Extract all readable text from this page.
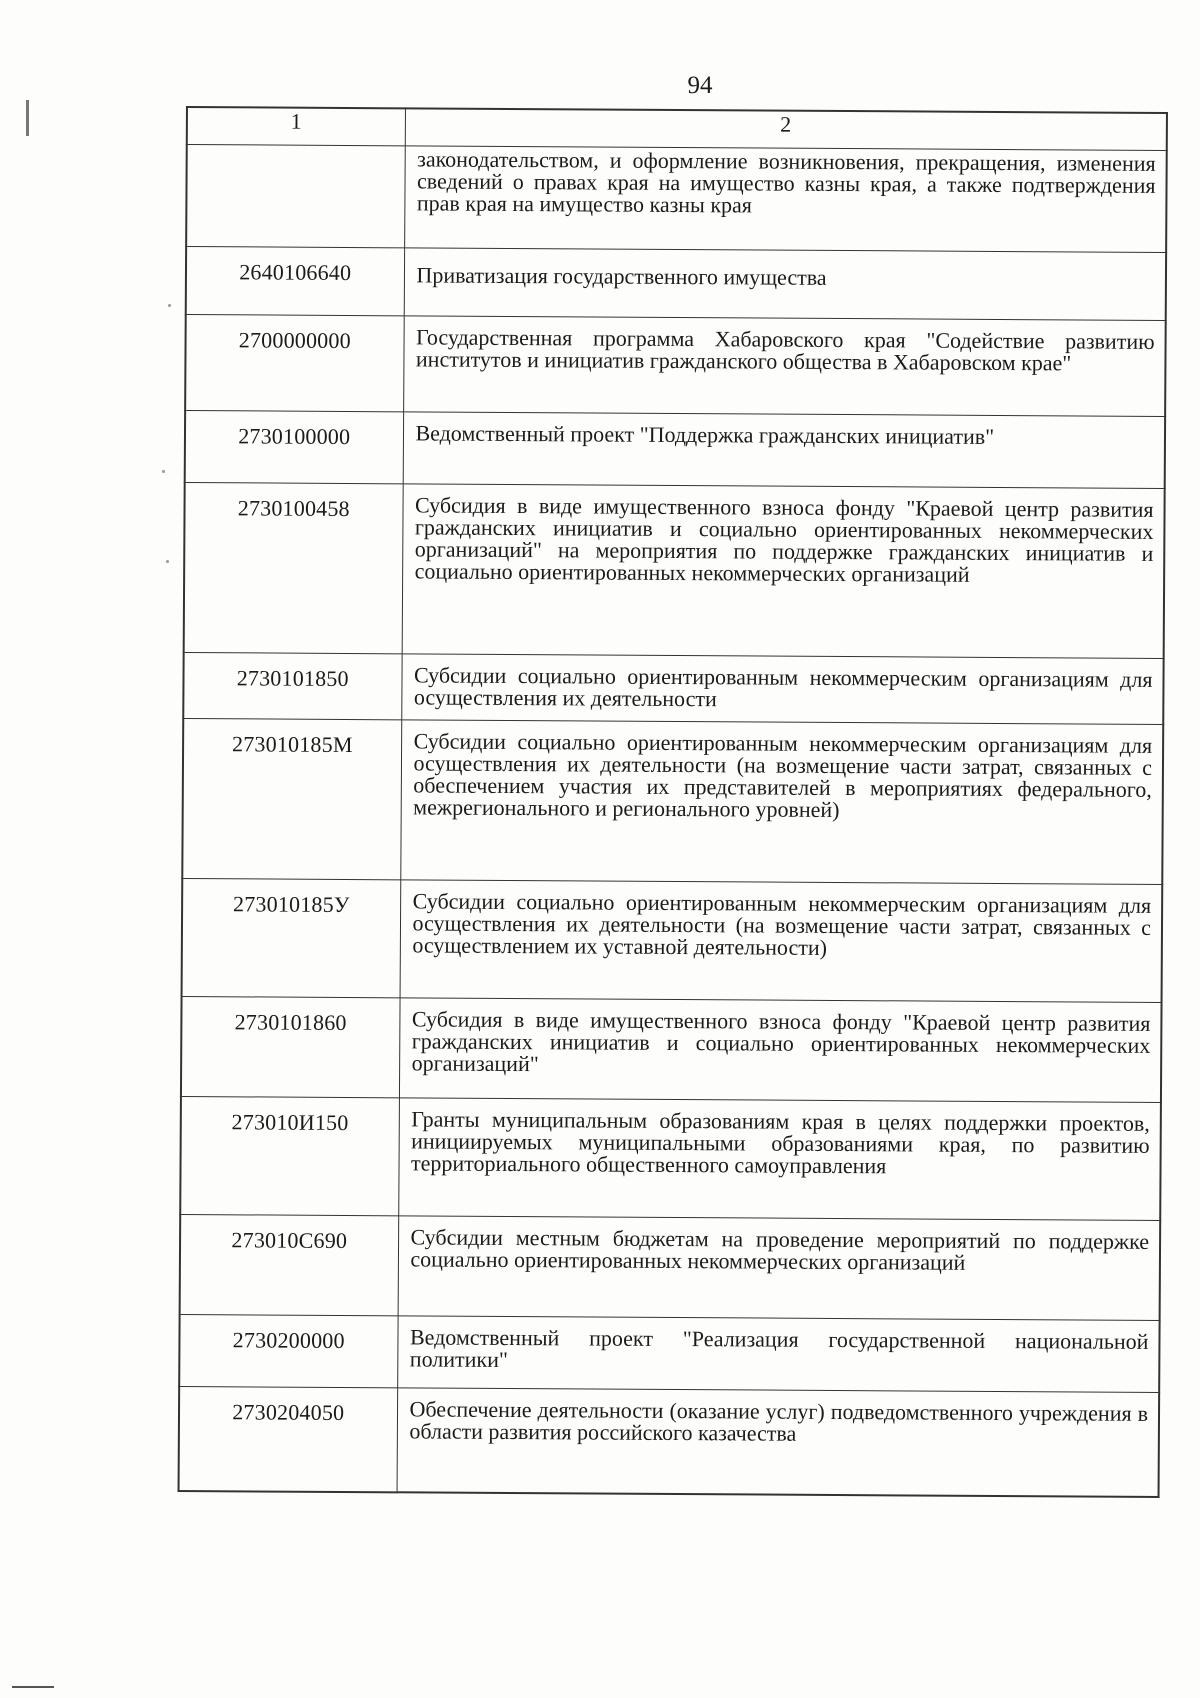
94
1	2
	законодательством, и оформление возникновения, прекращения, изменения сведений о правах края на имущество казны края, а также подтверждения прав края на имущество казны края
2640106640	Приватизация государственного имущества
2700000000	Государственная программа Хабаровского края "Содействие развитию институтов и инициатив гражданского общества в Хабаровском крае"
2730100000	Ведомственный проект "Поддержка гражданских инициатив"
2730100458	Субсидия в виде имущественного взноса фонду "Краевой центр развития гражданских инициатив и социально ориентированных некоммерческих организаций" на мероприятия по поддержке гражданских инициатив и социально ориентированных некоммерческих организаций
2730101850	Субсидии социально ориентированным некоммерческим организациям для осуществления их деятельности
273010185М	Субсидии социально ориентированным некоммерческим организациям для осуществления их деятельности (на возмещение части затрат, связанных с обеспечением участия их представителей в мероприятиях федерального, межрегионального и регионального уровней)
273010185У	Субсидии социально ориентированным некоммерческим организациям для осуществления их деятельности (на возмещение части затрат, связанных с осуществлением их уставной деятельности)
2730101860	Субсидия в виде имущественного взноса фонду "Краевой центр развития гражданских инициатив и социально ориентированных некоммерческих организаций"
273010И150	Гранты муниципальным образованиям края в целях поддержки проектов, инициируемых муниципальными образованиями края, по развитию территориального общественного самоуправления
273010С690	Субсидии местным бюджетам на проведение мероприятий по поддержке социально ориентированных некоммерческих организаций
2730200000	Ведомственный проект "Реализация государственной национальной политики"
2730204050	Обеспечение деятельности (оказание услуг) подведомственного учреждения в области развития российского казачества
